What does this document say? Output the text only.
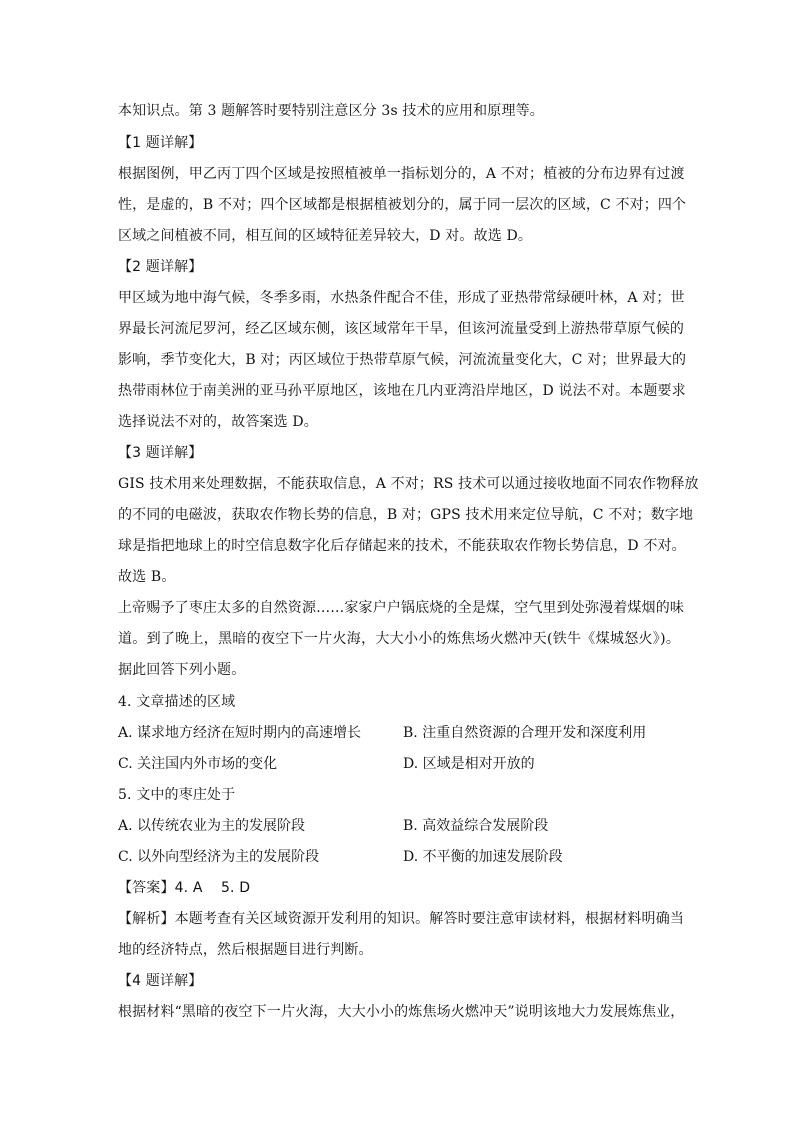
本知识点。第 3 题解答时要特别注意区分 3s 技术的应用和原理等。
【1 题详解】
根据图例，甲乙丙丁四个区域是按照植被单一指标划分的，A 不对；植被的分布边界有过渡
性，是虚的，B 不对；四个区域都是根据植被划分的，属于同一层次的区域，C 不对；四个
区域之间植被不同，相互间的区域特征差异较大，D 对。故选 D。
【2 题详解】
甲区域为地中海气候，冬季多雨，水热条件配合不佳，形成了亚热带常绿硬叶林，A 对；世
界最长河流尼罗河，经乙区域东侧，该区域常年干旱，但该河流量受到上游热带草原气候的
影响，季节变化大，B 对；丙区域位于热带草原气候，河流流量变化大，C 对；世界最大的
热带雨林位于南美洲的亚马孙平原地区，该地在几内亚湾沿岸地区，D 说法不对。本题要求
选择说法不对的，故答案选 D。
【3 题详解】
GIS 技术用来处理数据，不能获取信息，A 不对；RS 技术可以通过接收地面不同农作物释放
的不同的电磁波，获取农作物长势的信息，B 对；GPS 技术用来定位导航，C 不对；数字地
球是指把地球上的时空信息数字化后存储起来的技术，不能获取农作物长势信息，D 不对。
故选 B。
上帝赐予了枣庄太多的自然资源……家家户户锅底烧的全是煤，空气里到处弥漫着煤烟的味
道。到了晚上，黑暗的夜空下一片火海，大大小小的炼焦场火燃冲天(铁牛《煤城怒火》)。
据此回答下列小题。
4. 文章描述的区域
A. 谋求地方经济在短时期内的高速增长	B. 注重自然资源的合理开发和深度利用
C. 关注国内外市场的变化	D. 区域是相对开放的
5. 文中的枣庄处于
A. 以传统农业为主的发展阶段	B. 高效益综合发展阶段
C. 以外向型经济为主的发展阶段	D. 不平衡的加速发展阶段
【答案】4. A    5. D
【解析】本题考查有关区域资源开发利用的知识。解答时要注意审读材料，根据材料明确当
地的经济特点，然后根据题目进行判断。
【4 题详解】
根据材料“黑暗的夜空下一片火海，大大小小的炼焦场火燃冲天”说明该地大力发展炼焦业，
